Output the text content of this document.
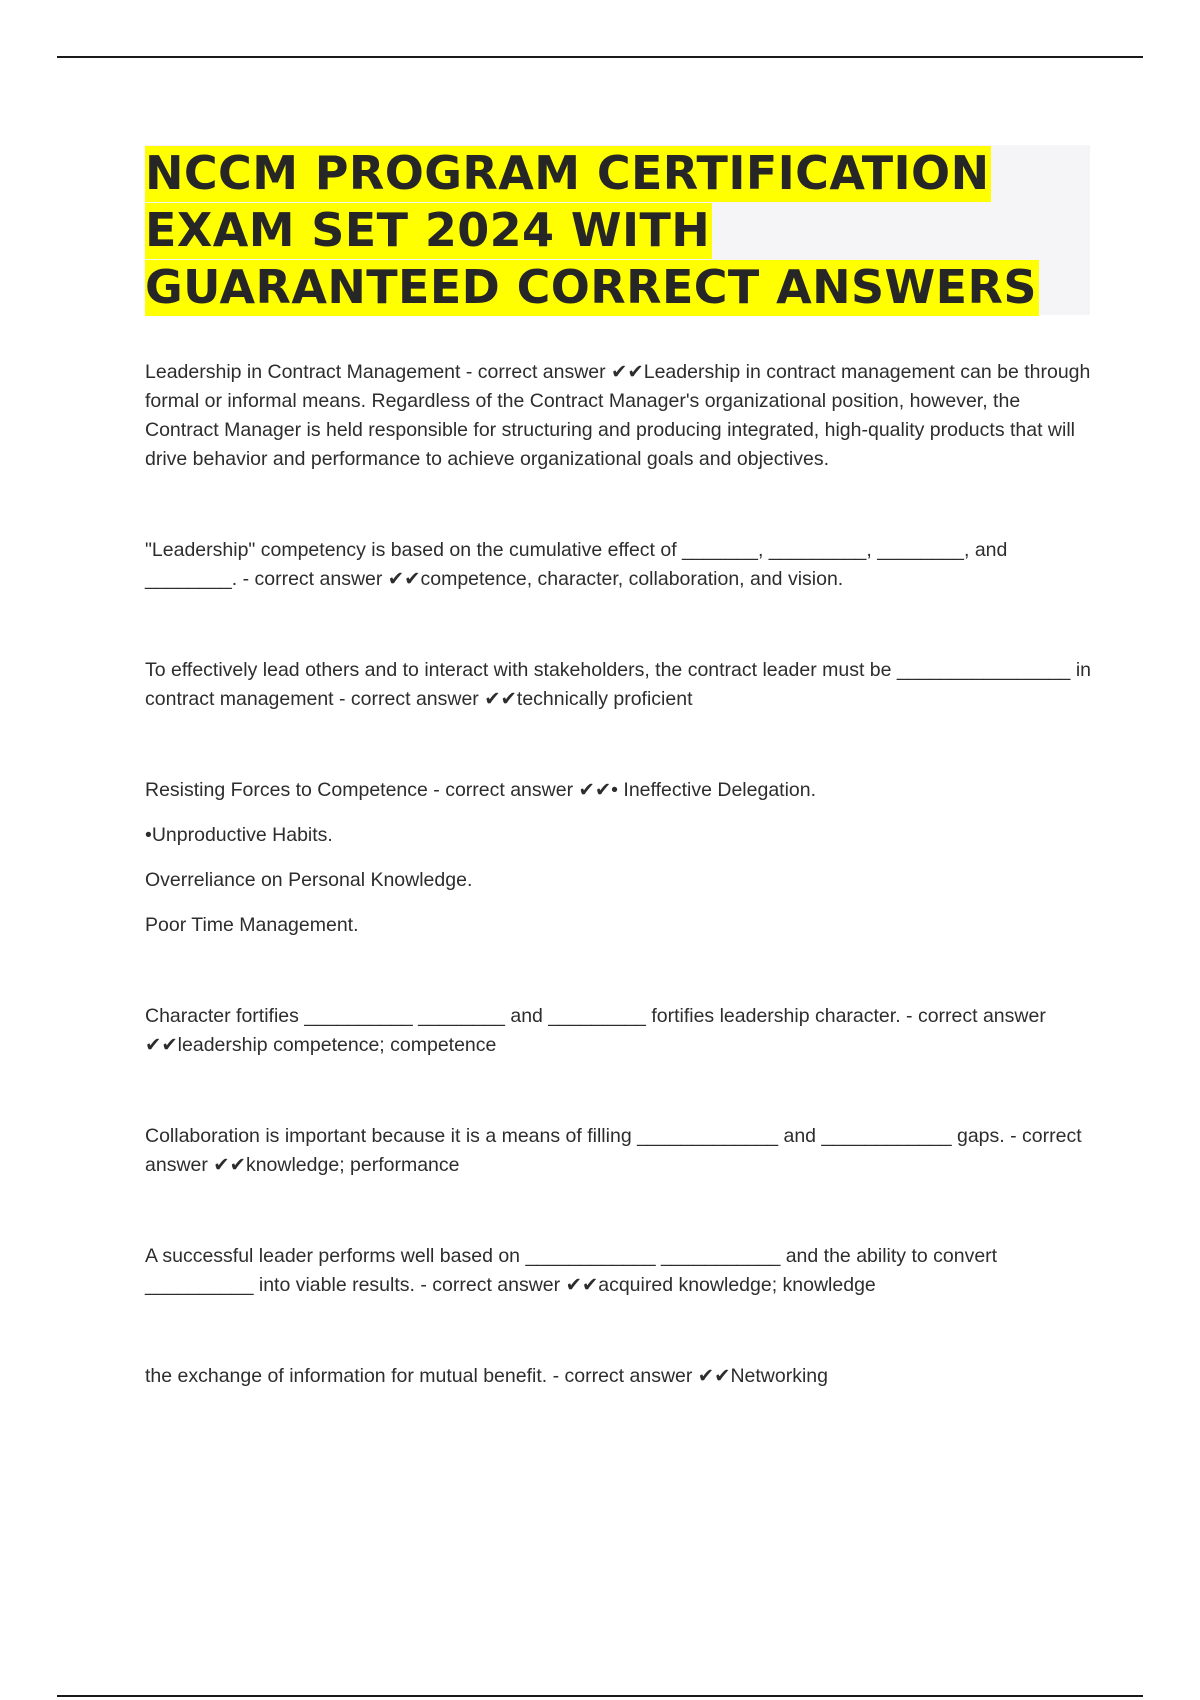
NCCM PROGRAM CERTIFICATION
EXAM SET 2024 WITH
GUARANTEED CORRECT ANSWERS

Leadership in Contract Management - correct answer ✔✔Leadership in contract management can be through formal or informal means. Regardless of the Contract Manager's organizational position, however, the Contract Manager is held responsible for structuring and producing integrated, high-quality products that will drive behavior and performance to achieve organizational goals and objectives.

"Leadership" competency is based on the cumulative effect of _______, _________, ________, and ________. - correct answer ✔✔competence, character, collaboration, and vision.

To effectively lead others and to interact with stakeholders, the contract leader must be ________________ in contract management - correct answer ✔✔technically proficient

Resisting Forces to Competence - correct answer ✔✔• Ineffective Delegation.

•Unproductive Habits.

Overreliance on Personal Knowledge.

Poor Time Management.

Character fortifies __________ ________ and _________ fortifies leadership character. - correct answer ✔✔leadership competence; competence

Collaboration is important because it is a means of filling _____________ and ____________ gaps. - correct answer ✔✔knowledge; performance

A successful leader performs well based on ____________ ___________ and the ability to convert __________ into viable results. - correct answer ✔✔acquired knowledge; knowledge

the exchange of information for mutual benefit. - correct answer ✔✔Networking
